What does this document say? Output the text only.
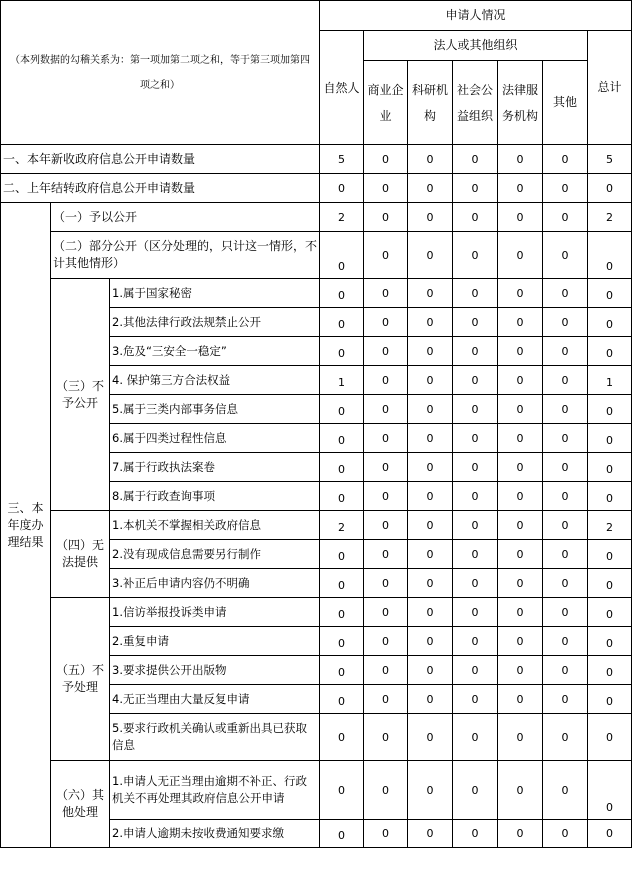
（本列数据的勾稽关系为：第一项加第二项之和，等于第三项加第四项之和）			申请人情况						
			自然人	法人或其他组织					总计
				商业企业	科研机构	社会公益组织	法律服务机构	其他	
一、本年新收政府信息公开申请数量			5	0	0	0	0	0	5
二、上年结转政府信息公开申请数量			0	0	0	0	0	0	0
三、本年度办理结果	（一）予以公开		2	0	0	0	0	0	2
	（二）部分公开（区分处理的，只计这一情形，不计其他情形）		0	0	0	0	0	0	0
	（三）不予公开	1.属于国家秘密	0	0	0	0	0	0	0
		2.其他法律行政法规禁止公开	0	0	0	0	0	0	0
		3.危及“三安全一稳定”	0	0	0	0	0	0	0
		4. 保护第三方合法权益	1	0	0	0	0	0	1
		5.属于三类内部事务信息	0	0	0	0	0	0	0
		6.属于四类过程性信息	0	0	0	0	0	0	0
		7.属于行政执法案卷	0	0	0	0	0	0	0
		8.属于行政查询事项	0	0	0	0	0	0	0
	（四）无法提供	1.本机关不掌握相关政府信息	2	0	0	0	0	0	2
		2.没有现成信息需要另行制作	0	0	0	0	0	0	0
		3.补正后申请内容仍不明确	0	0	0	0	0	0	0
	（五）不予处理	1.信访举报投诉类申请	0	0	0	0	0	0	0
		2.重复申请	0	0	0	0	0	0	0
		3.要求提供公开出版物	0	0	0	0	0	0	0
		4.无正当理由大量反复申请	0	0	0	0	0	0	0
		5.要求行政机关确认或重新出具已获取信息	0	0	0	0	0	0	0
	（六）其他处理	1.申请人无正当理由逾期不补正、行政机关不再处理其政府信息公开申请	0	0	0	0	0	0	0
		2.申请人逾期未按收费通知要求缴	0	0	0	0	0	0	0
